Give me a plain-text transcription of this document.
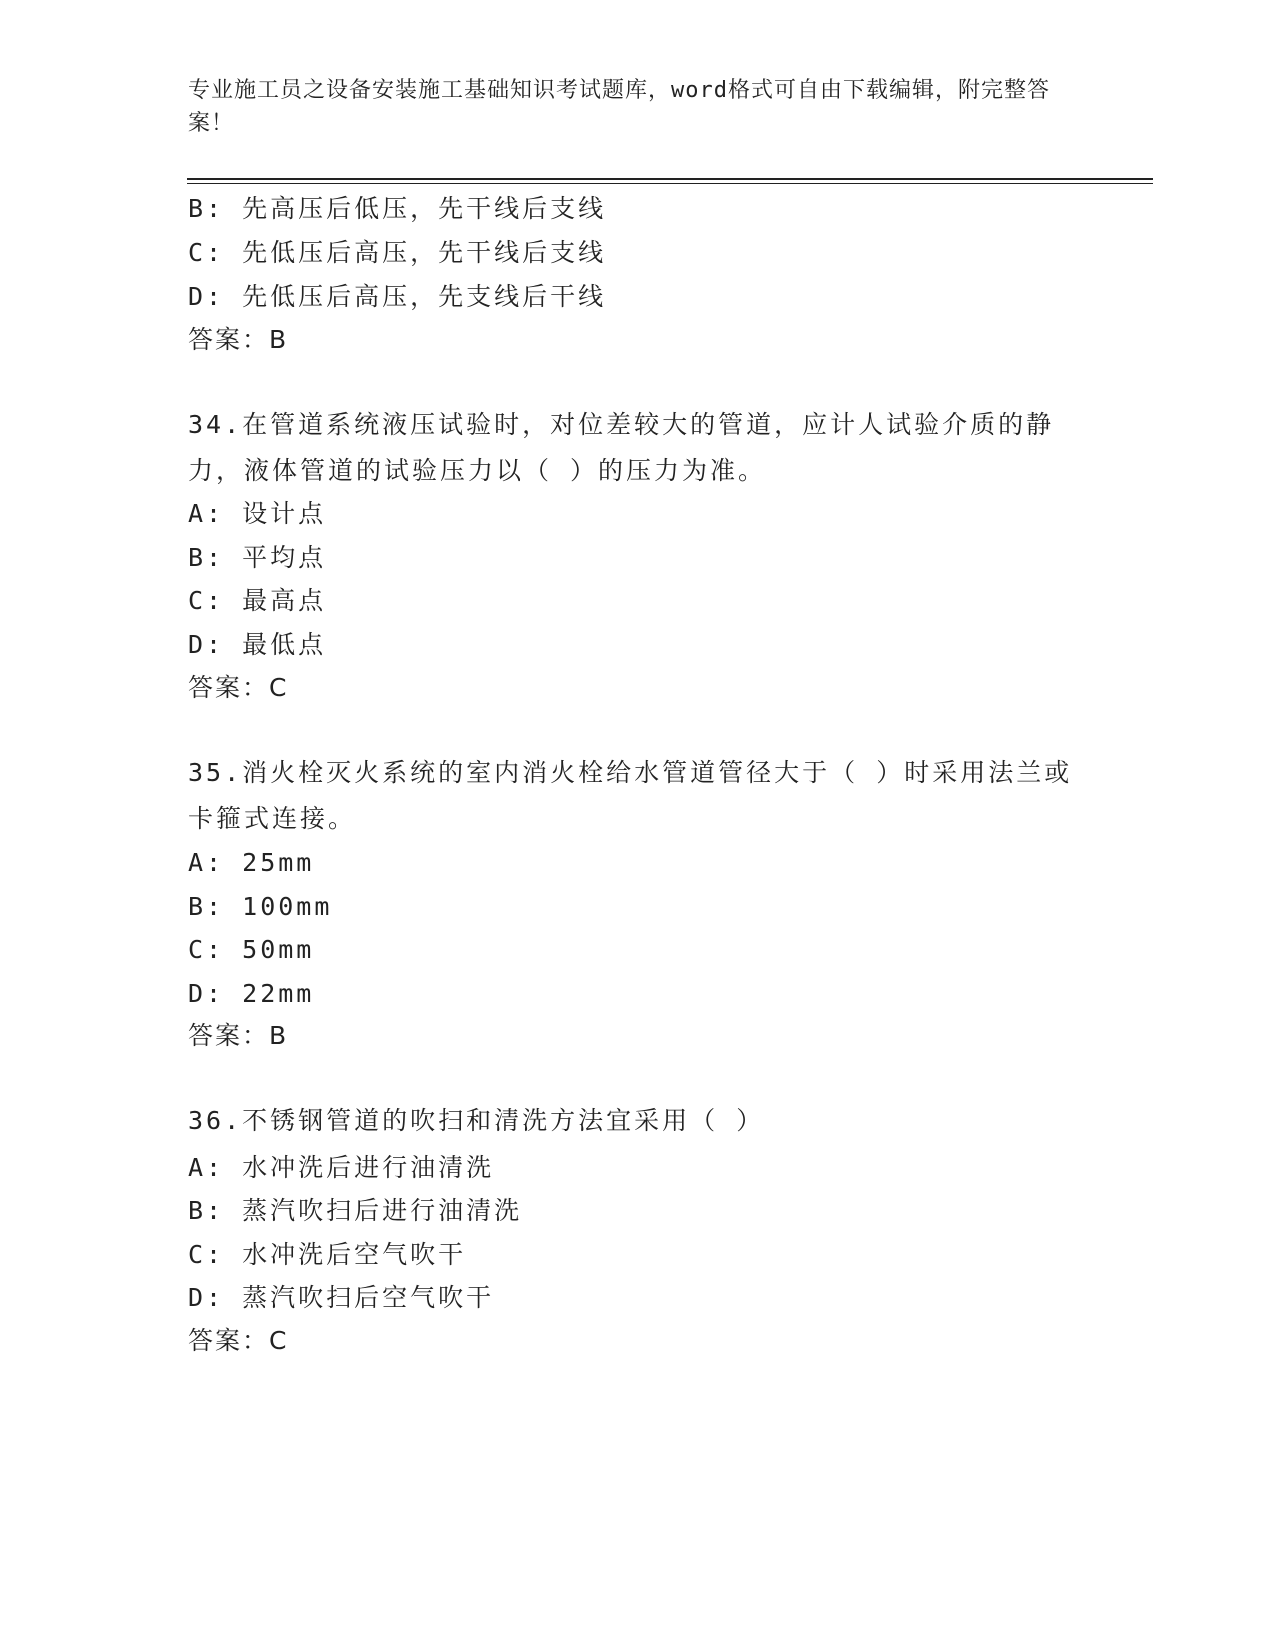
专业施工员之设备安装施工基础知识考试题库，word格式可自由下载编辑，附完整答案！
B: 先高压后低压，先干线后支线
C: 先低压后高压，先干线后支线
D: 先低压后高压，先支线后干线
答案：B
34.在管道系统液压试验时，对位差较大的管道，应计人试验介质的静力，液体管道的试验压力以（ ）的压力为准。
A: 设计点
B: 平均点
C: 最高点
D: 最低点
答案：C
35.消火栓灭火系统的室内消火栓给水管道管径大于（ ）时采用法兰或卡箍式连接。
A: 25mm
B: 100mm
C: 50mm
D: 22mm
答案：B
36.不锈钢管道的吹扫和清洗方法宜采用（ ）
A: 水冲洗后进行油清洗
B: 蒸汽吹扫后进行油清洗
C: 水冲洗后空气吹干
D: 蒸汽吹扫后空气吹干
答案：C
